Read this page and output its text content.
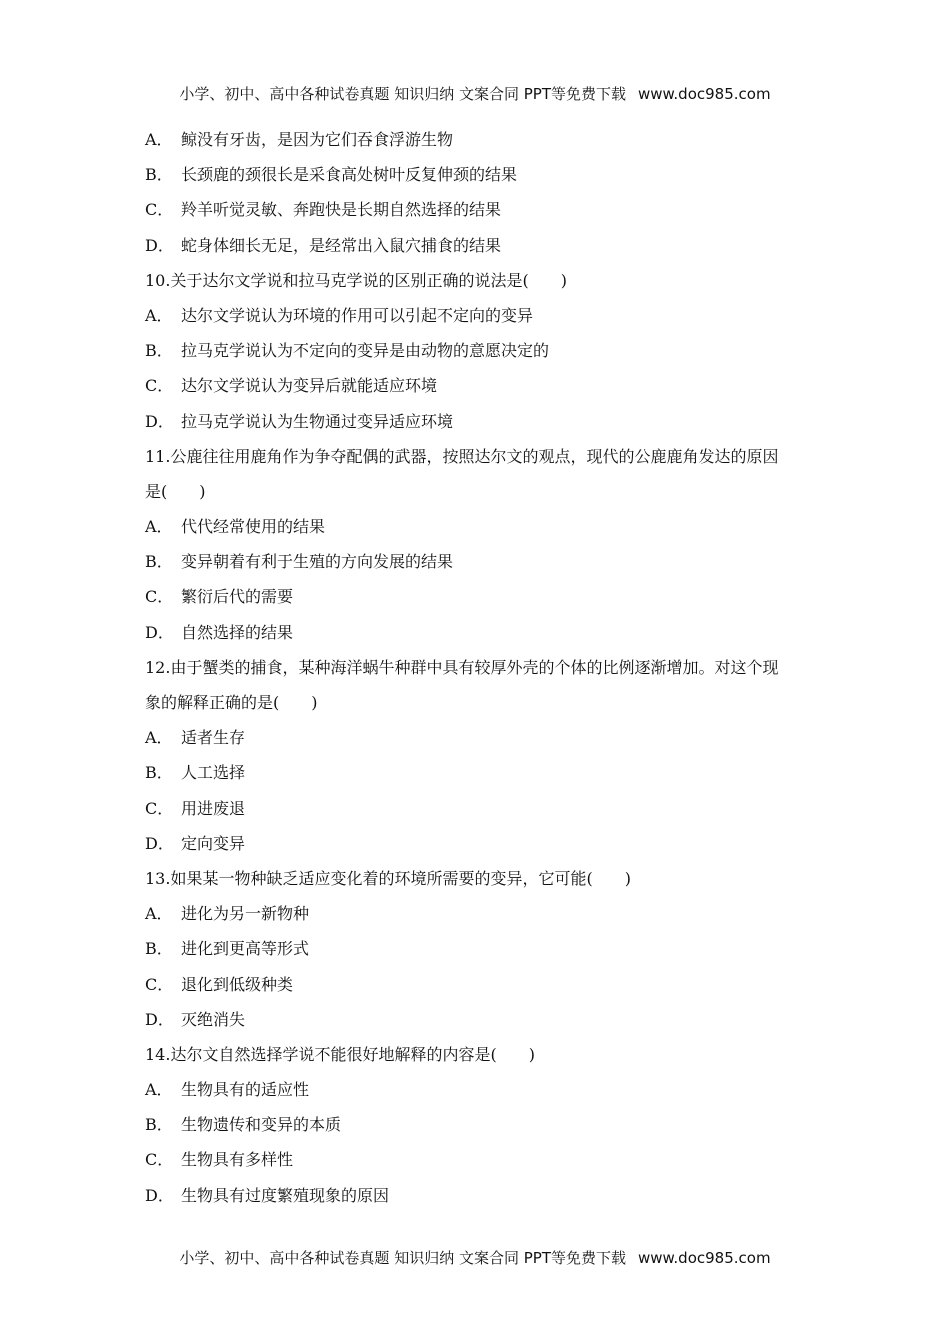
小学、初中、高中各种试卷真题 知识归纳 文案合同 PPT等免费下载 www.doc985.com
A． 鲸没有牙齿，是因为它们吞食浮游生物
B． 长颈鹿的颈很长是采食高处树叶反复伸颈的结果
C． 羚羊听觉灵敏、奔跑快是长期自然选择的结果
D． 蛇身体细长无足，是经常出入鼠穴捕食的结果
10.关于达尔文学说和拉马克学说的区别正确的说法是(　　)
A． 达尔文学说认为环境的作用可以引起不定向的变异
B． 拉马克学说认为不定向的变异是由动物的意愿决定的
C． 达尔文学说认为变异后就能适应环境
D． 拉马克学说认为生物通过变异适应环境
11.公鹿往往用鹿角作为争夺配偶的武器，按照达尔文的观点，现代的公鹿鹿角发达的原因
是(　　)
A． 代代经常使用的结果
B． 变异朝着有利于生殖的方向发展的结果
C． 繁衍后代的需要
D． 自然选择的结果
12.由于蟹类的捕食，某种海洋蜗牛种群中具有较厚外壳的个体的比例逐渐增加。对这个现
象的解释正确的是(　　)
A． 适者生存
B． 人工选择
C． 用进废退
D． 定向变异
13.如果某一物种缺乏适应变化着的环境所需要的变异，它可能(　　)
A． 进化为另一新物种
B． 进化到更高等形式
C． 退化到低级种类
D． 灭绝消失
14.达尔文自然选择学说不能很好地解释的内容是(　　)
A． 生物具有的适应性
B． 生物遗传和变异的本质
C． 生物具有多样性
D． 生物具有过度繁殖现象的原因
小学、初中、高中各种试卷真题 知识归纳 文案合同 PPT等免费下载 www.doc985.com
